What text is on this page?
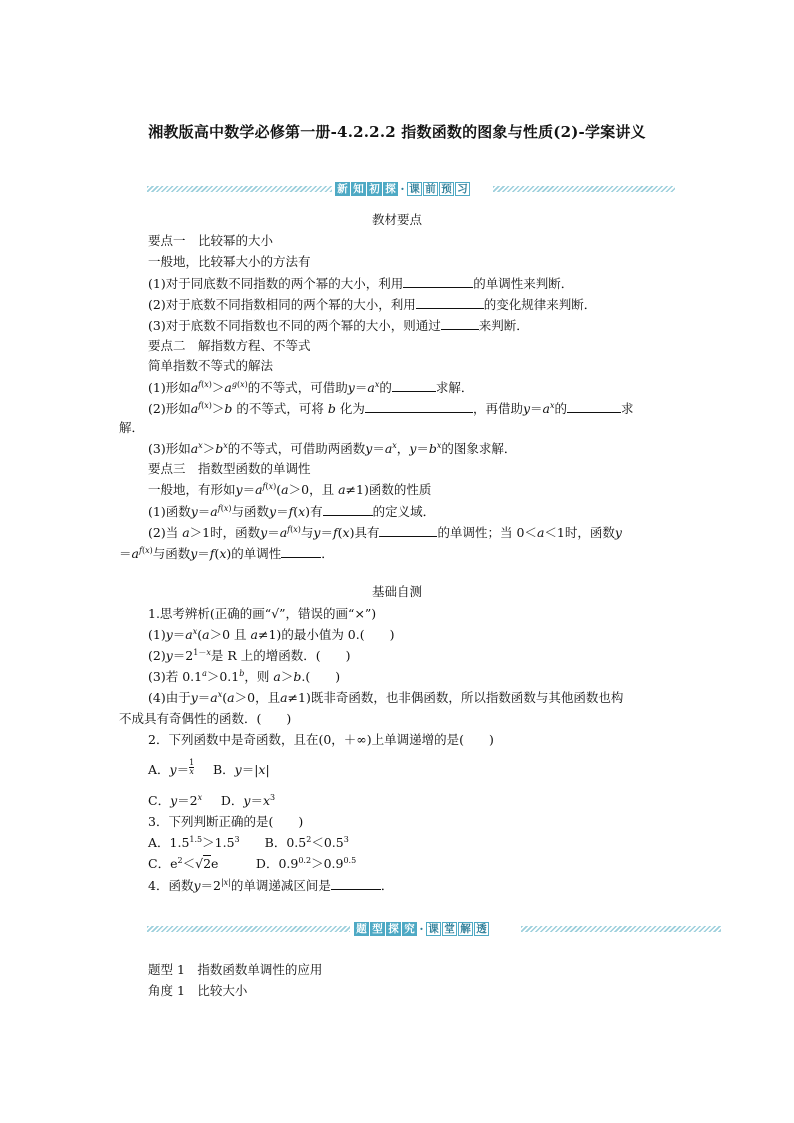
湘教版高中数学必修第一册-4.2.2.2 指数函数的图象与性质(2)-学案讲义
新 知 初 探 · 课 前 预 习
教材要点
要点一　比较幂的大小
一般地，比较幂大小的方法有
(1)对于同底数不同指数的两个幂的大小，利用	的单调性来判断．
(2)对于底数不同指数相同的两个幂的大小，利用	的变化规律来判断．
(3)对于底数不同指数也不同的两个幂的大小，则通过	来判断．
要点二　解指数方程、不等式
简单指数不等式的解法
(1)形如$a^{f(x)}>a^{g(x)}$的不等式，可借助$y=a^x$的	求解．
(2)形如$a^{f(x)}>b$ 的不等式，可将 b 化为	，再借助$y=a^x$的	求
解．
(3)形如$a^x>b^x$的不等式，可借助两函数$y=a^x$，$y=b^x$的图象求解．
要点三　指数型函数的单调性
一般地，有形如$y=a^{f(x)}(a>0$，且 a≠1)函数的性质
(1)函数$y=a^{f(x)}$与函数y＝f(x)有	的定义域．
(2)当 a＞1时，函数$y=a^{f(x)}$与y＝f(x)具有	的单调性；当 0＜a＜1时，函数y
$=a^{f(x)}$与函数y＝f(x)的单调性	．
基础自测
1.思考辨析(正确的画“√”，错误的画“×”)
$(1)y=a^x(a>0$ 且 a≠1)的最小值为 0.(　　)
$(2)y=2^{1-x}$是 R 上的增函数．(　　)
(3)若 0.1$^a$＞0.1$^b$，则 a＞b.(　　)
(4)由于$y=a^x(a>0$，且a≠1)既非奇函数，也非偶函数，所以指数函数与其他函数也构
不成具有奇偶性的函数．(　　)
2．下列函数中是奇函数，且在(0，＋∞)上单调递增的是(　　)
A．$y= \frac{1}{x}$
   B．y＝|x|
C．$y=2^x$   D．$y=x^3$
3．下列判断正确的是(　　)
A．$1.5^{1.5}>1.5^3$   B．$0.5^2<0.5^3$
C．$e^2<√2e$   D．$0.9^{0.2}>0.9^{0.5}$
4．函数$y=2^{|x|}$的单调递减区间是	．
题 型 探 究 · 课 堂 解 透
题型 1　指数函数单调性的应用
角度 1　比较大小
